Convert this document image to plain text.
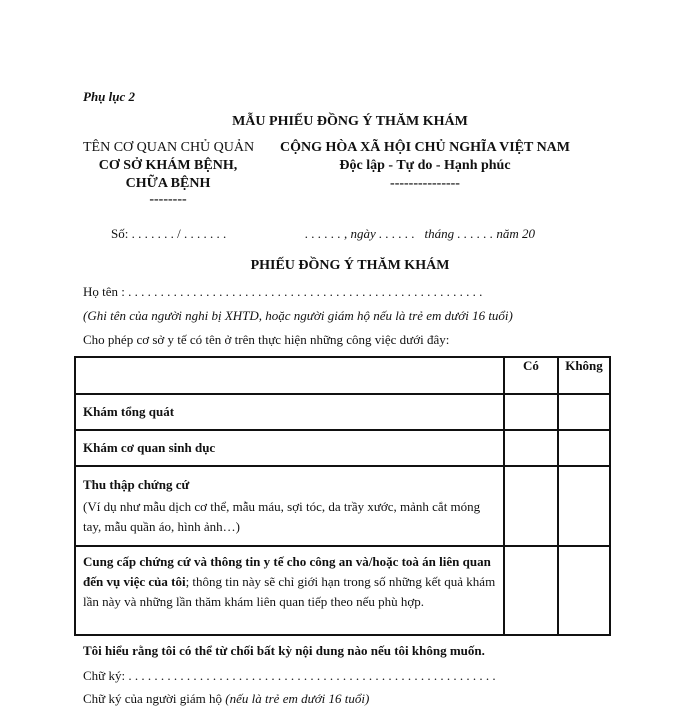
Phụ lục 2
MẪU PHIẾU ĐỒNG Ý THĂM KHÁM
TÊN CƠ QUAN CHỦ QUẢN
CƠ SỞ KHÁM BỆNH,
CHỮA BỆNH
--------
CỘNG HÒA XÃ HỘI CHỦ NGHĨA VIỆT NAM
Độc lập - Tự do - Hạnh phúc
---------------
Số: . . . . . . . / . . . . . . .	. . . . . . , ngày . . . . . .   tháng . . . . . . năm 20
PHIẾU ĐỒNG Ý THĂM KHÁM
Họ tên : . . . . . . . . . . . . . . . . . . . . . . . . . . . . . . . . . . . . . . . . . . . . . . . . . . . . . . .
(Ghi tên của người nghi bị XHTD, hoặc người giám hộ nếu là trẻ em dưới 16 tuổi)
Cho phép cơ sở y tế có tên ở trên thực hiện những công việc dưới đây:
	Có	Không
Khám tổng quát		
Khám cơ quan sinh dục		

Thu thập chứng cứ
(Ví dụ như mẫu dịch cơ thể, mẫu máu, sợi tóc, da trầy xước, mảnh cắt móng tay, mẫu quần áo, hình ảnh…)		

Cung cấp chứng cứ và thông tin y tế cho công an và/hoặc toà án liên quan đến vụ việc của tôi; thông tin này sẽ chỉ giới hạn trong số những kết quả khám lần này và những lần thăm khám liên quan tiếp theo nếu phù hợp.		

Tôi hiểu rằng tôi có thể từ chối bất kỳ nội dung nào nếu tôi không muốn.
Chữ ký: . . . . . . . . . . . . . . . . . . . . . . . . . . . . . . . . . . . . . . . . . . . . . . . . . . . . . . . . .
Chữ ký của người giám hộ (nếu là trẻ em dưới 16 tuổi)
